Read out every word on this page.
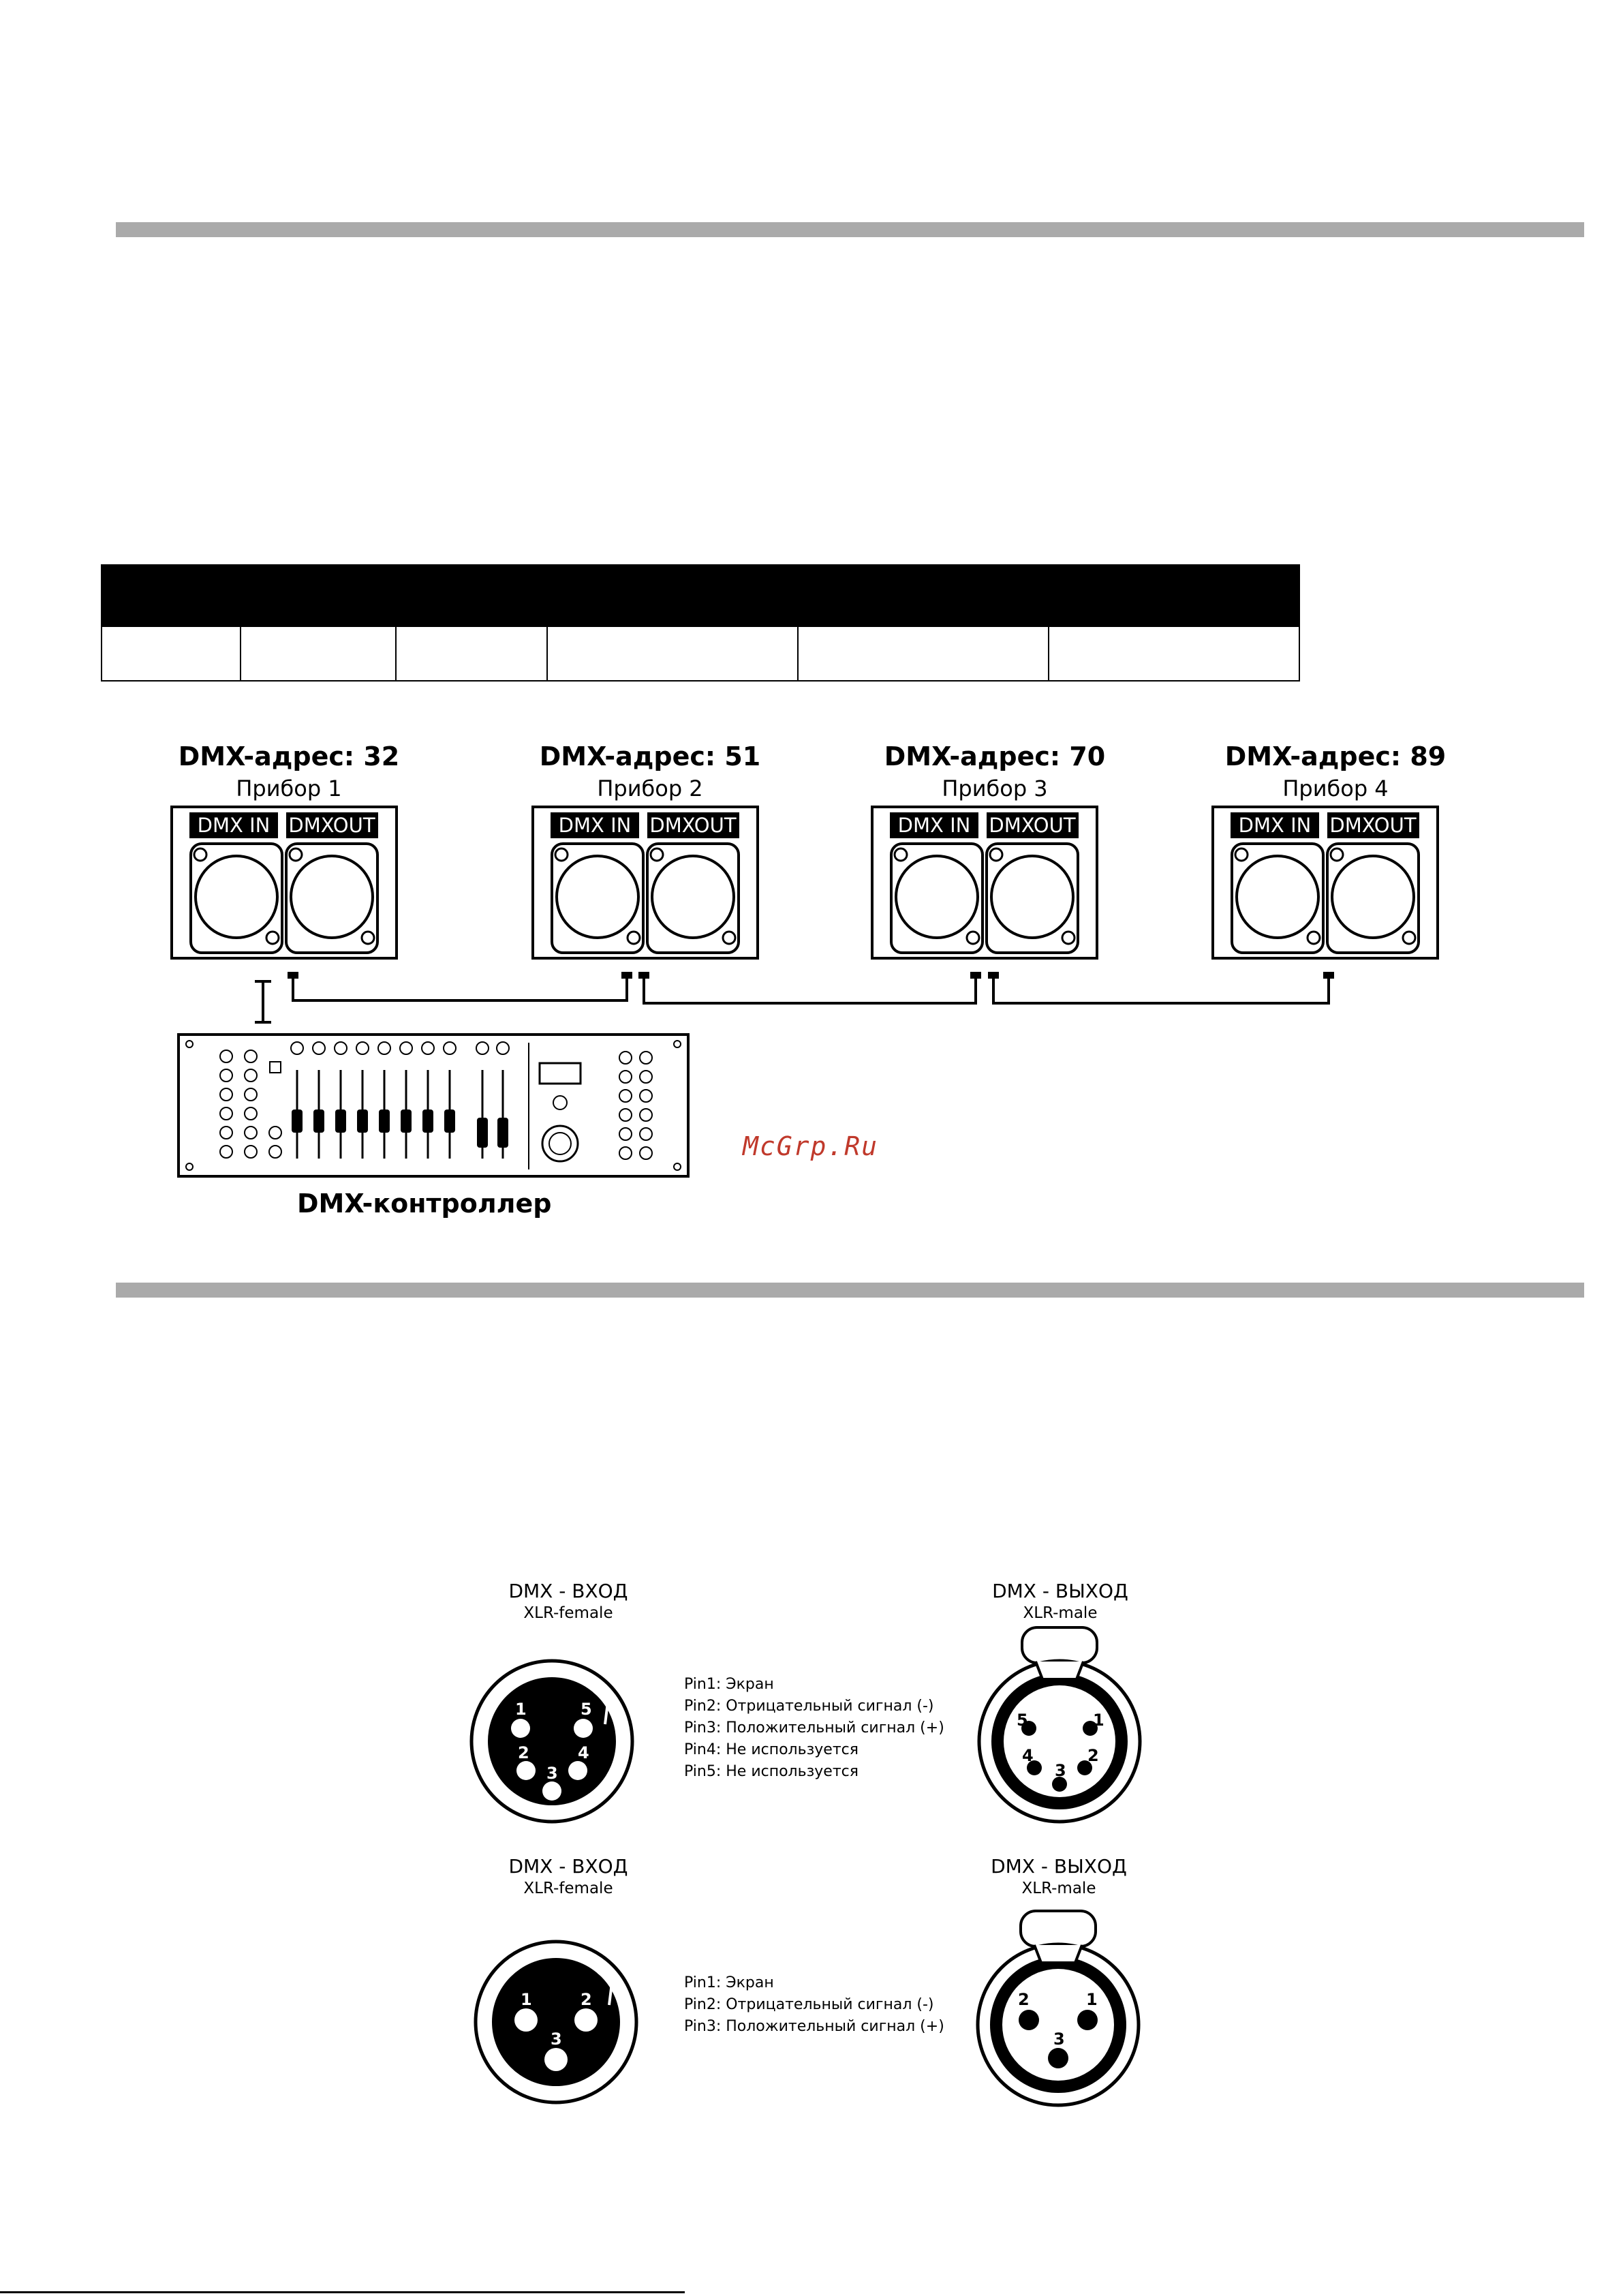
DMX-адрес: 32
Прибор 1
DMX-адрес: 51
Прибор 2
DMX-адрес: 70
Прибор 3
DMX-адрес: 89
Прибор 4
DMX IN DMXOUT	DMX IN DMXOUT	DMX IN DMXOUT	DMX IN DMXOUT
DMX-контроллер
McGrp.Ru
DMX - ВХОД
XLR-female
DMX - ВЫХОД
XLR-male
1	5
2	4
3
Pin1: Экран
Pin2: Отрицательный сигнал (-)
Pin3: Положительный сигнал (+)
Pin4: Не используется
Pin5: Не используется
5	1
4	2
3
DMX - ВХОД
XLR-female
DMX - ВЫХОД
XLR-male
1	2
3
Pin1: Экран
Pin2: Отрицательный сигнал (-)
Pin3: Положительный сигнал (+)
2	1
3
